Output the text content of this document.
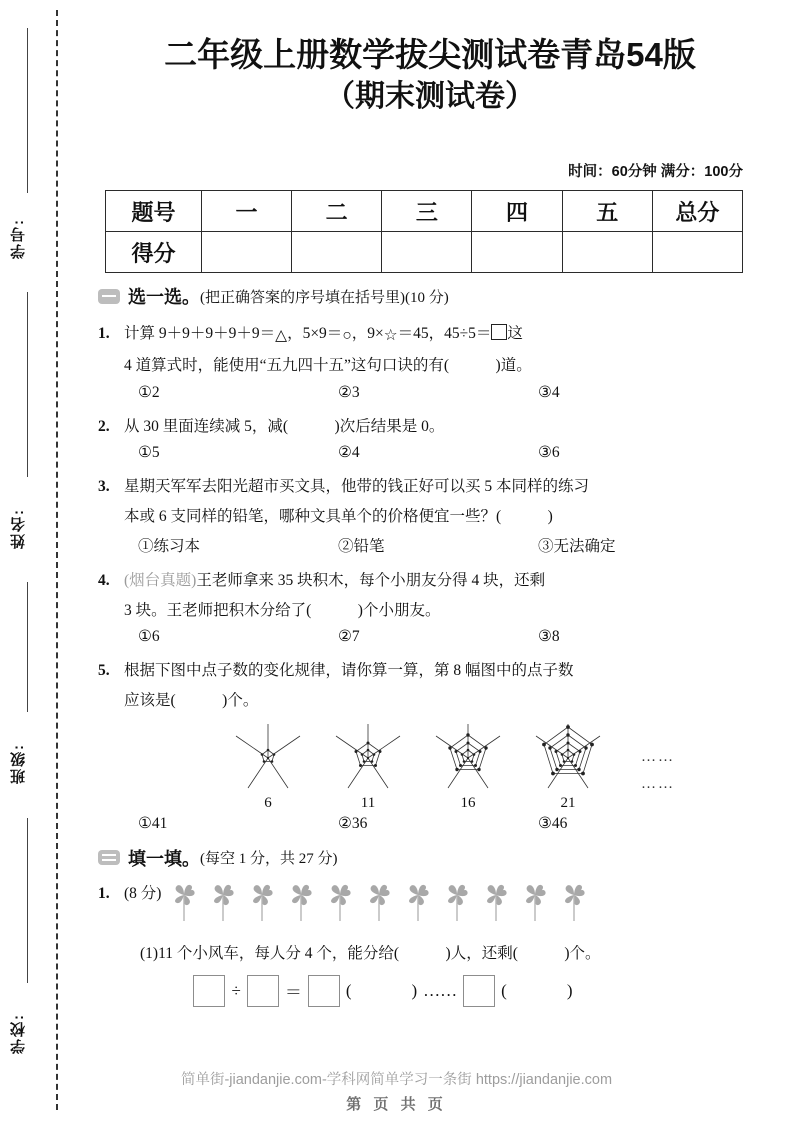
学号:
姓名:
班级:
学校:
二年级上册数学拔尖测试卷青岛54版
（期末测试卷）
时间：60分钟 满分：100分
题号	一	二	三	四	五	总分
得分						
选一选。 (把正确答案的序号填在括号里)(10 分)
1. 计算 9＋9＋9＋9＋9＝△，5×9＝○，9×☆＝45，45÷5＝ 这
4 道算式时，能使用“五九四十五”这句口诀的有(　　　)道。
①2	②3	③4
2. 从 30 里面连续减 5，减(　　　)次后结果是 0。
①5	②4	③6
3. 星期天军军去阳光超市买文具，他带的钱正好可以买 5 本同样的练习
本或 6 支同样的铅笔，哪种文具单个的价格便宜一些？(　　　)
①练习本	②铅笔	③无法确定
4. (烟台真题)王老师拿来 35 块积木，每个小朋友分得 4 块，还剩
3 块。王老师把积木分给了(　　　)个小朋友。
①6	②7	③8
5. 根据下图中点子数的变化规律，请你算一算，第 8 幅图中的点子数
应该是(　　　)个。
6	11	16	21
……
……
①41	②36	③46
填一填。 (每空 1 分，共 27 分)
1. (8 分)
(1)11 个小风车，每人分 4 个，能分给(　　　)人，还剩(　　　)个。
÷	＝	(	) ……	(	)
简单街-jiandanjie.com-学科网简单学习一条街 https://jiandanjie.com
第 页 共 页
